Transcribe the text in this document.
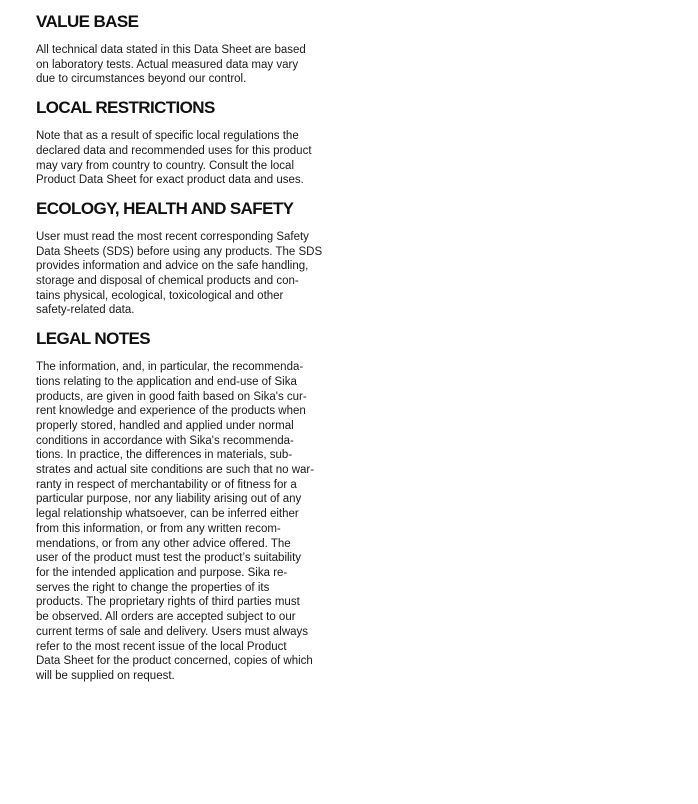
VALUE BASE
All technical data stated in this Data Sheet are based
on laboratory tests. Actual measured data may vary
due to circumstances beyond our control.
LOCAL RESTRICTIONS
Note that as a result of specific local regulations the
declared data and recommended uses for this product
may vary from country to country. Consult the local
Product Data Sheet for exact product data and uses.
ECOLOGY, HEALTH AND SAFETY
User must read the most recent corresponding Safety
Data Sheets (SDS) before using any products. The SDS
provides information and advice on the safe handling,
storage and disposal of chemical products and con-
tains physical, ecological, toxicological and other
safety-related data.
LEGAL NOTES
The information, and, in particular, the recommenda-
tions relating to the application and end-use of Sika
products, are given in good faith based on Sika's cur-
rent knowledge and experience of the products when
properly stored, handled and applied under normal
conditions in accordance with Sika's recommenda-
tions. In practice, the differences in materials, sub-
strates and actual site conditions are such that no war-
ranty in respect of merchantability or of fitness for a
particular purpose, nor any liability arising out of any
legal relationship whatsoever, can be inferred either
from this information, or from any written recom-
mendations, or from any other advice offered. The
user of the product must test the product’s suitability
for the intended application and purpose. Sika re-
serves the right to change the properties of its
products. The proprietary rights of third parties must
be observed. All orders are accepted subject to our
current terms of sale and delivery. Users must always
refer to the most recent issue of the local Product
Data Sheet for the product concerned, copies of which
will be supplied on request.
